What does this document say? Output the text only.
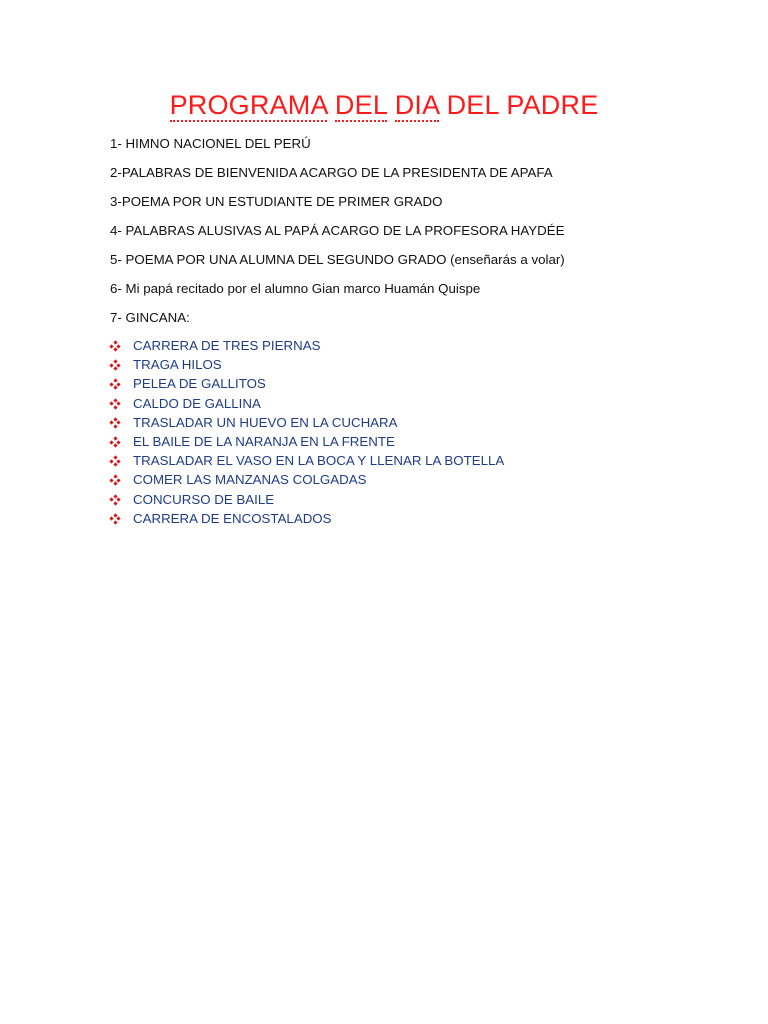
PROGRAMA DEL DIA DEL PADRE
1- HIMNO NACIONEL DEL PERÚ
2-PALABRAS DE BIENVENIDA ACARGO DE LA PRESIDENTA DE APAFA
3-POEMA POR UN ESTUDIANTE DE PRIMER GRADO
4- PALABRAS ALUSIVAS AL PAPÁ ACARGO DE LA PROFESORA HAYDÉE
5- POEMA POR UNA ALUMNA DEL SEGUNDO GRADO (enseñarás a volar)
6- Mi papá recitado por el alumno Gian marco Huamán Quispe
7- GINCANA:
CARRERA DE TRES PIERNAS
TRAGA HILOS
PELEA DE GALLITOS
CALDO DE GALLINA
TRASLADAR UN HUEVO EN LA CUCHARA
EL BAILE DE LA NARANJA EN LA FRENTE
TRASLADAR EL VASO EN LA BOCA Y LLENAR LA BOTELLA
COMER LAS MANZANAS COLGADAS
CONCURSO DE BAILE
CARRERA DE ENCOSTALADOS
